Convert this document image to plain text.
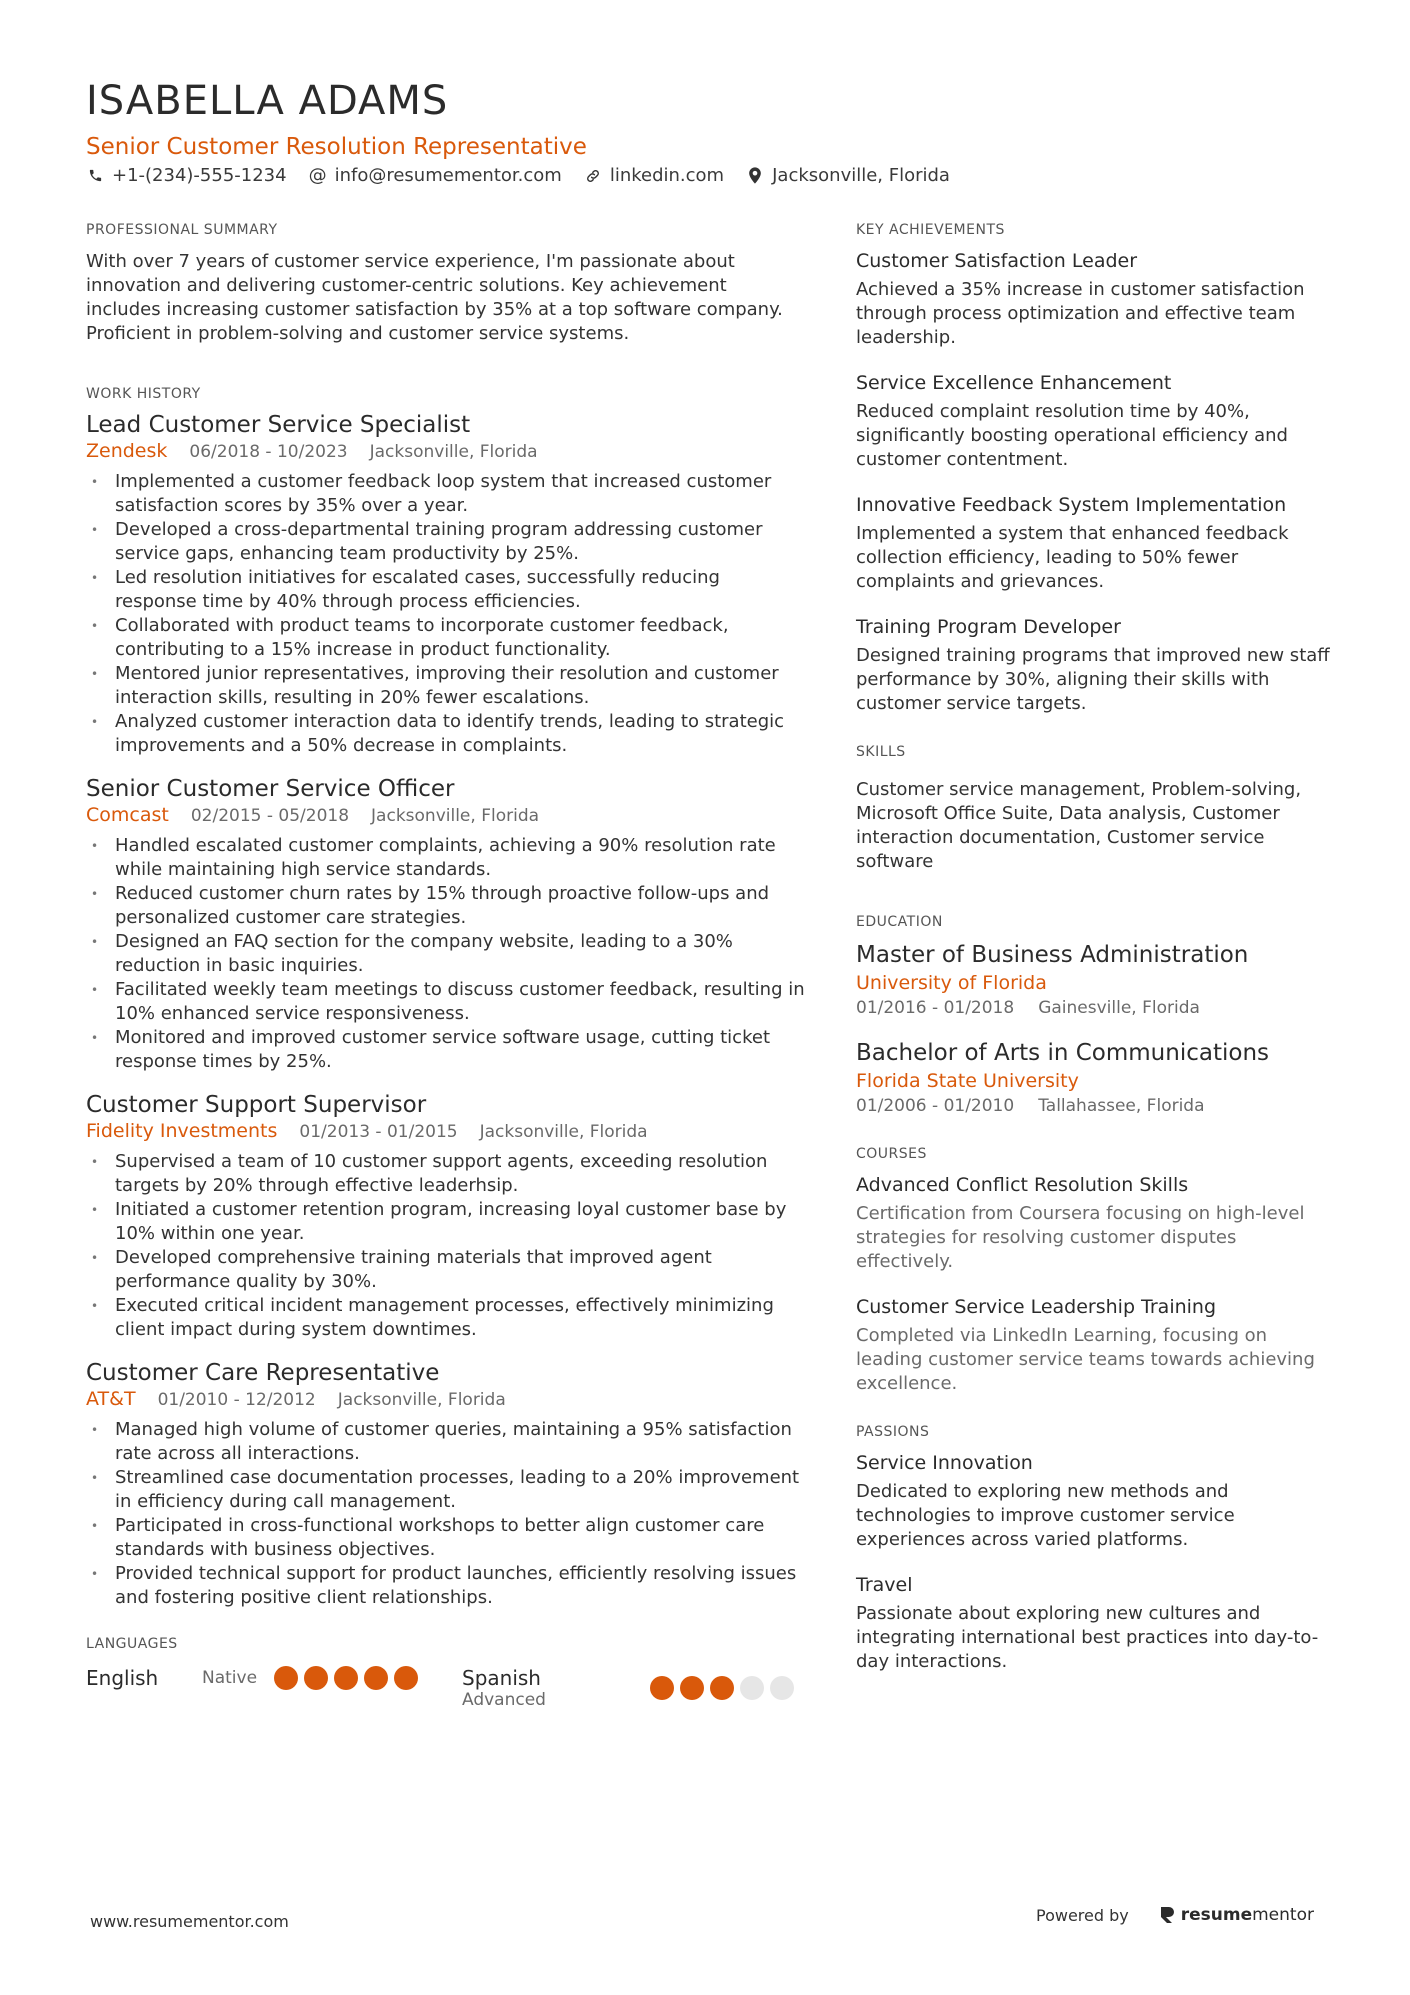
ISABELLA ADAMS
Senior Customer Resolution Representative
+1-(234)-555-1234 @ info@resumementor.com	linkedin.com	Jacksonville, Florida
PROFESSIONAL SUMMARY
With over 7 years of customer service experience, I'm passionate about innovation and delivering customer-centric solutions. Key achievement includes increasing customer satisfaction by 35% at a top software company. Proficient in problem-solving and customer service systems.
WORK HISTORY
Lead Customer Service Specialist
Zendesk 06/2018 - 10/2023 Jacksonville, Florida
• Implemented a customer feedback loop system that increased customer satisfaction scores by 35% over a year.
• Developed a cross-departmental training program addressing customer service gaps, enhancing team productivity by 25%.
• Led resolution initiatives for escalated cases, successfully reducing response time by 40% through process efficiencies.
• Collaborated with product teams to incorporate customer feedback, contributing to a 15% increase in product functionality.
• Mentored junior representatives, improving their resolution and customer interaction skills, resulting in 20% fewer escalations.
• Analyzed customer interaction data to identify trends, leading to strategic improvements and a 50% decrease in complaints.
Senior Customer Service Officer
Comcast 02/2015 - 05/2018 Jacksonville, Florida
• Handled escalated customer complaints, achieving a 90% resolution rate while maintaining high service standards.
• Reduced customer churn rates by 15% through proactive follow-ups and personalized customer care strategies.
• Designed an FAQ section for the company website, leading to a 30% reduction in basic inquiries.
• Facilitated weekly team meetings to discuss customer feedback, resulting in 10% enhanced service responsiveness.
• Monitored and improved customer service software usage, cutting ticket response times by 25%.
Customer Support Supervisor
Fidelity Investments 01/2013 - 01/2015 Jacksonville, Florida
• Supervised a team of 10 customer support agents, exceeding resolution targets by 20% through effective leaderhsip.
• Initiated a customer retention program, increasing loyal customer base by 10% within one year.
• Developed comprehensive training materials that improved agent performance quality by 30%.
• Executed critical incident management processes, effectively minimizing client impact during system downtimes.
Customer Care Representative
AT&T 01/2010 - 12/2012 Jacksonville, Florida
• Managed high volume of customer queries, maintaining a 95% satisfaction rate across all interactions.
• Streamlined case documentation processes, leading to a 20% improvement in efficiency during call management.
• Participated in cross-functional workshops to better align customer care standards with business objectives.
• Provided technical support for product launches, efficiently resolving issues and fostering positive client relationships.
LANGUAGES
English	Native	Spanish
Advanced
KEY ACHIEVEMENTS
Customer Satisfaction Leader
Achieved a 35% increase in customer satisfaction through process optimization and effective team leadership.
Service Excellence Enhancement
Reduced complaint resolution time by 40%, significantly boosting operational efficiency and customer contentment.
Innovative Feedback System Implementation
Implemented a system that enhanced feedback collection efficiency, leading to 50% fewer complaints and grievances.
Training Program Developer
Designed training programs that improved new staff performance by 30%, aligning their skills with customer service targets.
SKILLS
Customer service management, Problem-solving, Microsoft Office Suite, Data analysis, Customer interaction documentation, Customer service software
EDUCATION
Master of Business Administration
University of Florida
01/2016 - 01/2018 Gainesville, Florida
Bachelor of Arts in Communications
Florida State University
01/2006 - 01/2010 Tallahassee, Florida
COURSES
Advanced Conflict Resolution Skills
Certification from Coursera focusing on high-level strategies for resolving customer disputes effectively.
Customer Service Leadership Training
Completed via LinkedIn Learning, focusing on leading customer service teams towards achieving excellence.
PASSIONS
Service Innovation
Dedicated to exploring new methods and technologies to improve customer service experiences across varied platforms.
Travel
Passionate about exploring new cultures and integrating international best practices into day-to-day interactions.
www.resumementor.com	Powered by	resume mentor
